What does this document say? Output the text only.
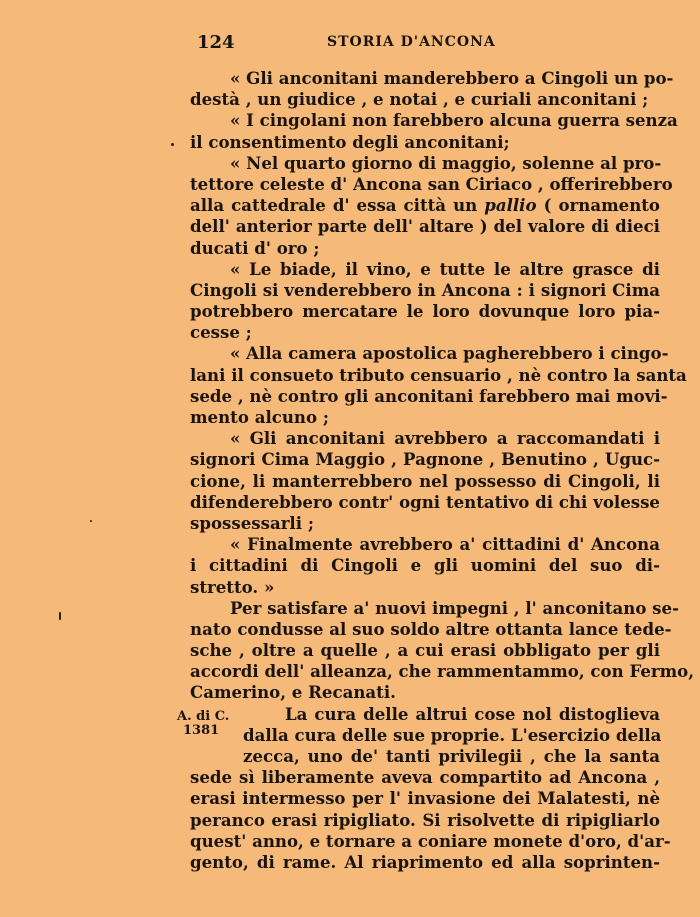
124	STORIA D'ANCONA
« Gli anconitani manderebbero a Cingoli un po-
destà , un giudice , e notai , e curiali anconitani ;
« I cingolani non farebbero alcuna guerra senza
il consentimento degli anconitani;
« Nel quarto giorno di maggio, solenne al pro-
tettore celeste d' Ancona san Ciriaco , offerirebbero
alla cattedrale d' essa città un pallio ( ornamento
dell' anterior parte dell' altare ) del valore di dieci
ducati d' oro ;
« Le biade, il vino, e tutte le altre grasce di
Cingoli si venderebbero in Ancona : i signori Cima
potrebbero mercatare le loro dovunque loro pia-
cesse ;
« Alla camera apostolica pagherebbero i cingo-
lani il consueto tributo censuario , nè contro la santa
sede , nè contro gli anconitani farebbero mai movi-
mento alcuno ;
« Gli anconitani avrebbero a raccomandati i
signori Cima Maggio , Pagnone , Benutino , Uguc-
cione, li manterrebbero nel possesso di Cingoli, li
difenderebbero contr' ogni tentativo di chi volesse
spossessarli ;
« Finalmente avrebbero a' cittadini d' Ancona
i cittadini di Cingoli e gli uomini del suo di-
stretto. »
Per satisfare a' nuovi impegni , l' anconitano se-
nato condusse al suo soldo altre ottanta lance tede-
sche , oltre a quelle , a cui erasi obbligato per gli
accordi dell' alleanza, che rammentammo, con Fermo,
Camerino, e Recanati.
A. di C.
1381
La cura delle altrui cose nol distoglieva
dalla cura delle sue proprie. L'esercizio della
zecca, uno de' tanti privilegii , che la santa
sede sì liberamente aveva compartito ad Ancona ,
erasi intermesso per l' invasione dei Malatesti, nè
peranco erasi ripigliato. Si risolvette di ripigliarlo
quest' anno, e tornare a coniare monete d'oro, d'ar-
gento, di rame. Al riaprimento ed alla soprinten-
